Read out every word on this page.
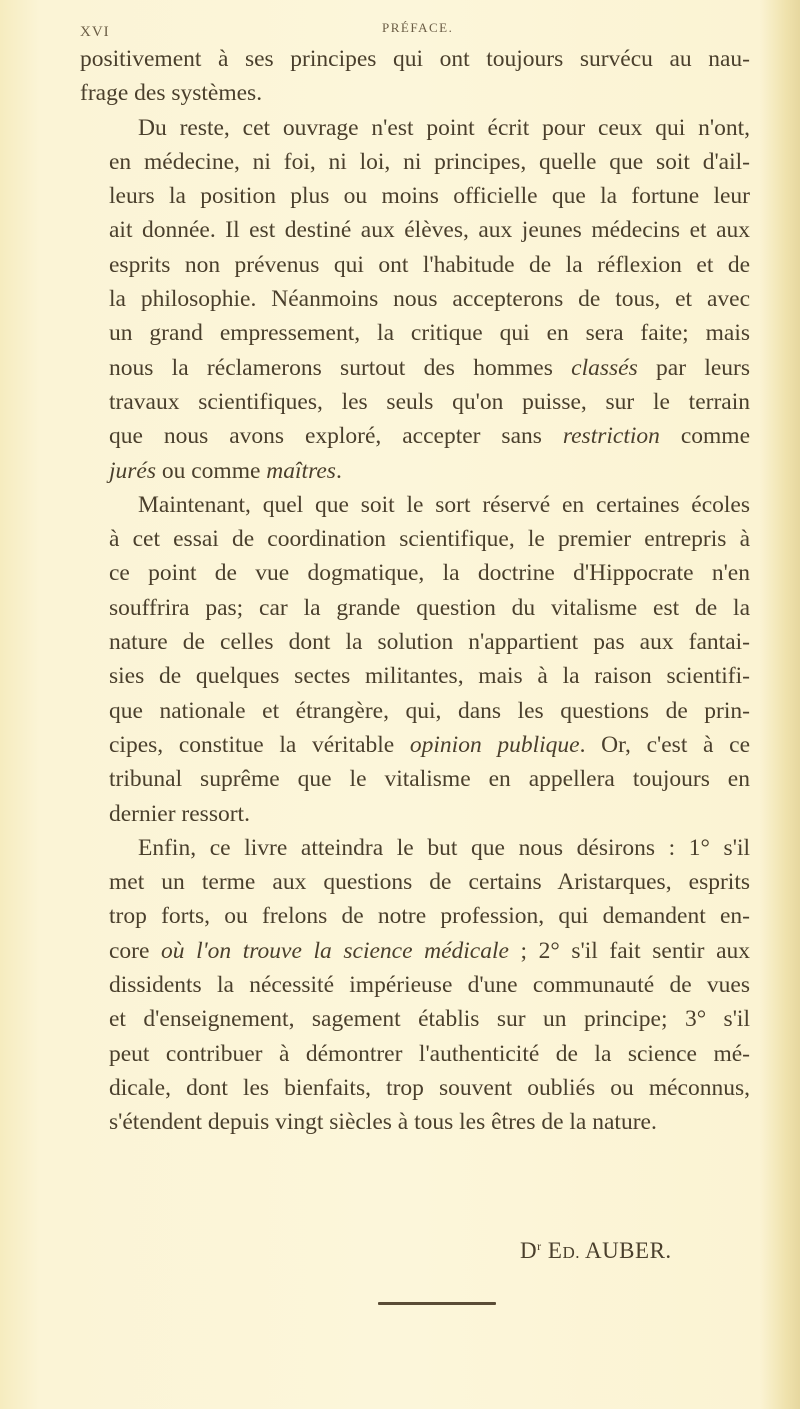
XVI	PRÉFACE.

positivement à ses principes qui ont toujours survécu au nau-
frage des systèmes.

Du reste, cet ouvrage n'est point écrit pour ceux qui n'ont,
en médecine, ni foi, ni loi, ni principes, quelle que soit d'ail-
leurs la position plus ou moins officielle que la fortune leur
ait donnée. Il est destiné aux élèves, aux jeunes médecins et aux
esprits non prévenus qui ont l'habitude de la réflexion et de
la philosophie. Néanmoins nous accepterons de tous, et avec
un grand empressement, la critique qui en sera faite; mais
nous la réclamerons surtout des hommes classés par leurs
travaux scientifiques, les seuls qu'on puisse, sur le terrain
que nous avons exploré, accepter sans restriction comme
jurés ou comme maîtres.

Maintenant, quel que soit le sort réservé en certaines écoles
à cet essai de coordination scientifique, le premier entrepris à
ce point de vue dogmatique, la doctrine d'Hippocrate n'en
souffrira pas; car la grande question du vitalisme est de la
nature de celles dont la solution n'appartient pas aux fantai-
sies de quelques sectes militantes, mais à la raison scientifi-
que nationale et étrangère, qui, dans les questions de prin-
cipes, constitue la véritable opinion publique. Or, c'est à ce
tribunal suprême que le vitalisme en appellera toujours en
dernier ressort.

Enfin, ce livre atteindra le but que nous désirons : 1° s'il
met un terme aux questions de certains Aristarques, esprits
trop forts, ou frelons de notre profession, qui demandent en-
core où l'on trouve la science médicale ; 2° s'il fait sentir aux
dissidents la nécessité impérieuse d'une communauté de vues
et d'enseignement, sagement établis sur un principe; 3° s'il
peut contribuer à démontrer l'authenticité de la science mé-
dicale, dont les bienfaits, trop souvent oubliés ou méconnus,
s'étendent depuis vingt siècles à tous les êtres de la nature.

$D^r$ ED. AUBER.
